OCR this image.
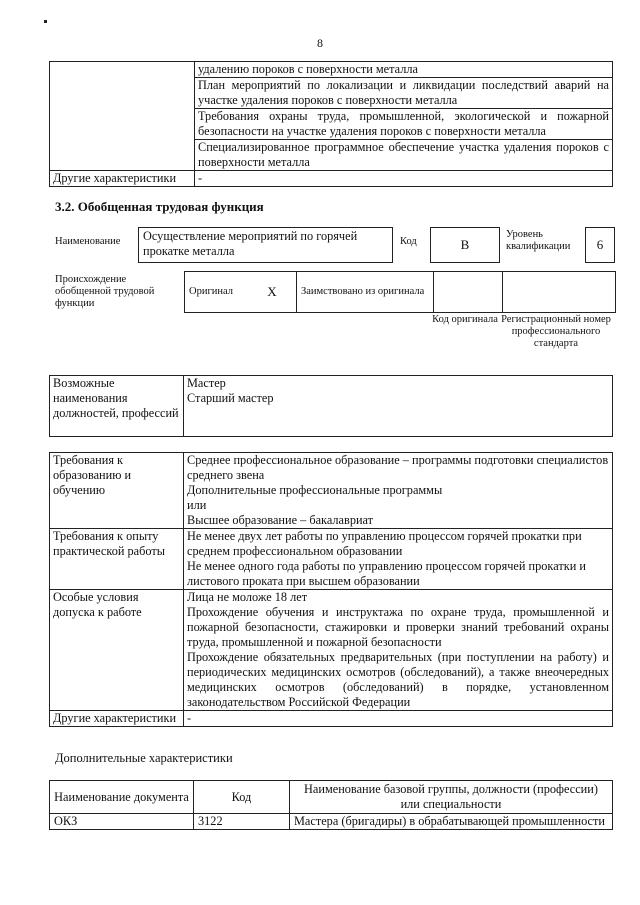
8
	удалению пороков с поверхности металла
	План мероприятий по локализации и ликвидации последствий аварий на участке удаления пороков с поверхности металла
	Требования охраны труда, промышленной, экологической и пожарной безопасности на участке удаления пороков с поверхности металла
	Специализированное программное обеспечение участка удаления пороков с поверхности металла
Другие характеристики	-
3.2. Обобщенная трудовая функция
Наименование	Осуществление мероприятий по горячей прокатке металла
Код	В
Уровень квалификации	6
Происхождение обобщенной трудовой функции
Оригинал	Х	Заимствовано из оригинала		
Код оригинала Регистрационный номер профессионального стандарта
Возможные наименования должностей, профессий	
Мастер
Старший мастер
Требования к образованию и обучению	Среднее профессиональное образование – программы подготовки специалистов среднего звена
Дополнительные профессиональные программы
или
Высшее образование – бакалавриат

Требования к опыту практической работы	Не менее двух лет работы по управлению процессом горячей прокатки при среднем профессиональном образовании
Не менее одного года работы по управлению процессом горячей прокатки и листового проката при высшем образовании

Особые условия допуска к работе	Лица не моложе 18 лет
Прохождение обучения и инструктажа по охране труда, промышленной и пожарной безопасности, стажировки и проверки знаний требований охраны труда, промышленной и пожарной безопасности
Прохождение обязательных предварительных (при поступлении на работу) и периодических медицинских осмотров (обследований), а также внеочередных медицинских осмотров (обследований) в порядке, установленном законодательством Российской Федерации

Другие характеристики	-
Дополнительные характеристики
Наименование документа	Код	Наименование базовой группы, должности (профессии) или специальности
ОКЗ	3122	Мастера (бригадиры) в обрабатывающей промышленности
